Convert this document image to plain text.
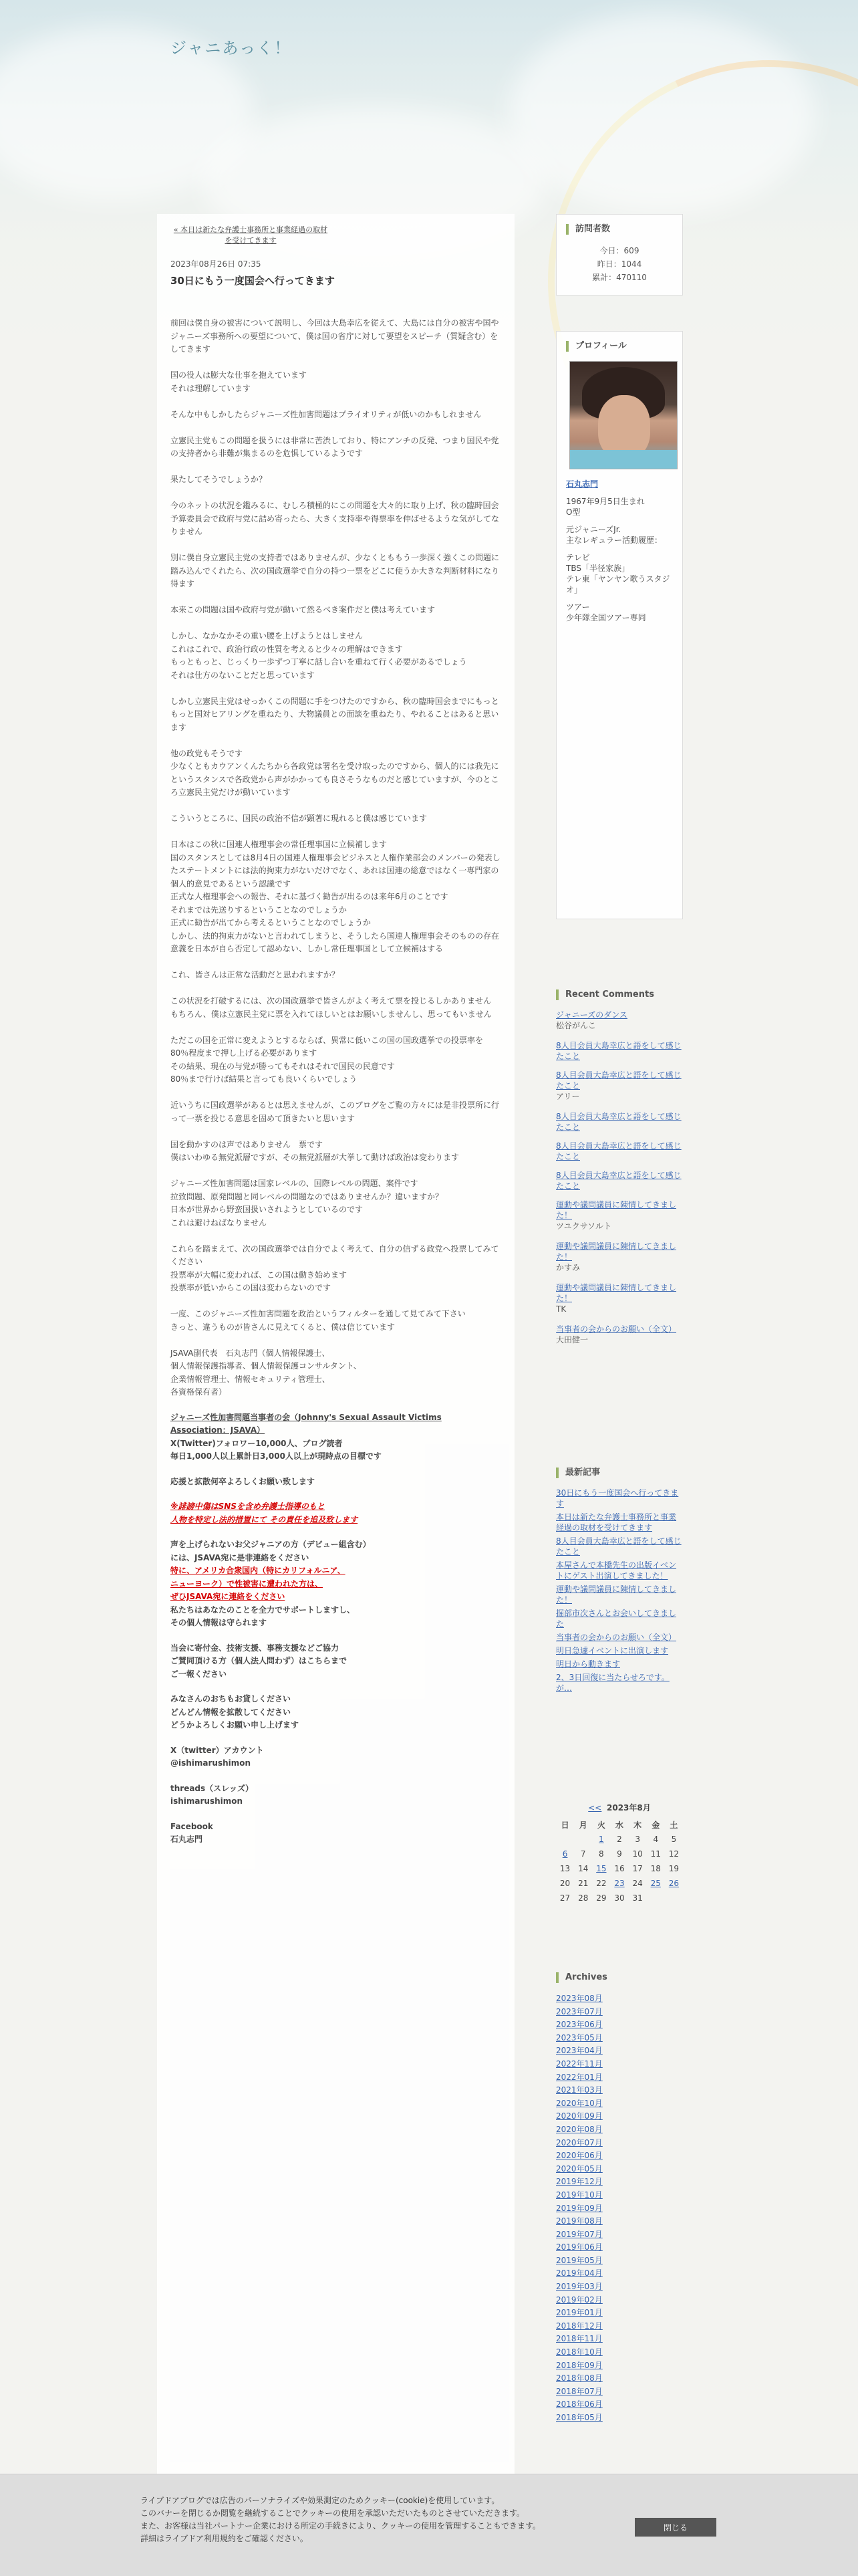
ジャニあっく！
« 本日は新たな弁護士事務所と事業経過の取材を受けてきます
2023年08月26日 07:35
30日にもう一度国会へ行ってきます

前回は僕自身の被害について説明し、今回は大島幸広を従えて、大島には自分の被害や国やジャニーズ事務所への要望について、僕は国の省庁に対して要望をスピーチ（質疑含む）をしてきます

国の役人は膨大な仕事を抱えています
それは理解しています

そんな中もしかしたらジャニーズ性加害問題はプライオリティが低いのかもしれません

立憲民主党もこの問題を扱うには非常に苦渋しており、特にアンチの反発、つまり国民や党の支持者から非難が集まるのを危惧しているようです

果たしてそうでしょうか？

今のネットの状況を鑑みるに、むしろ積極的にこの問題を大々的に取り上げ、秋の臨時国会予算委員会で政府与党に詰め寄ったら、大きく支持率や得票率を伸ばせるような気がしてなりません

別に僕自身立憲民主党の支持者ではありませんが、少なくとももう一歩深く強くこの問題に踏み込んでくれたら、次の国政選挙で自分の持つ一票をどこに使うか大きな判断材料になり得ます

本来この問題は国や政府与党が動いて然るべき案件だと僕は考えています

しかし、なかなかその重い腰を上げようとはしません
これはこれで、政治行政の性質を考えると少々の理解はできます
もっともっと、じっくり一歩ずつ丁寧に話し合いを重ねて行く必要があるでしょう
それは仕方のないことだと思っています

しかし立憲民主党はせっかくこの問題に手をつけたのですから、秋の臨時国会までにもっともっと国対ヒアリングを重ねたり、大物議員との面談を重ねたり、やれることはあると思います

他の政党もそうです
少なくともカウアンくんたちから各政党は署名を受け取ったのですから、個人的には我先にというスタンスで各政党から声がかかっても良さそうなものだと感じていますが、今のところ立憲民主党だけが動いています

こういうところに、国民の政治不信が顕著に現れると僕は感じています

日本はこの秋に国連人権理事会の常任理事国に立候補します
国のスタンスとしては8月4日の国連人権理事会ビジネスと人権作業部会のメンバーの発表したステートメントには法的拘束力がないだけでなく、あれは国連の総意ではなく一専門家の個人的意見であるという認識です
正式な人権理事会への報告、それに基づく勧告が出るのは来年6月のことです
それまでは先送りするということなのでしょうか
正式に勧告が出てから考えるということなのでしょうか
しかし、法的拘束力がないと言われてしまうと、そうしたら国連人権理事会そのものの存在意義を日本が自ら否定して認めない、しかし常任理事国として立候補はする

これ、皆さんは正常な活動だと思われますか？

この状況を打破するには、次の国政選挙で皆さんがよく考えて票を投じるしかありません
もちろん、僕は立憲民主党に票を入れてほしいとはお願いしませんし、思ってもいません

ただこの国を正常に変えようとするならば、異常に低いこの国の国政選挙での投票率を80％程度まで押し上げる必要があります
その結果、現在の与党が勝ってもそれはそれで国民の民意です
80％まで行けば結果と言っても良いくらいでしょう

近いうちに国政選挙があるとは思えませんが、このブログをご覧の方々には是非投票所に行って一票を投じる意思を固めて頂きたいと思います

国を動かすのは声ではありません　票です
僕はいわゆる無党派層ですが、その無党派層が大挙して動けば政治は変わります

ジャニーズ性加害問題は国家レベルの、国際レベルの問題、案件です
拉致問題、原発問題と同レベルの問題なのではありませんか？違いますか？
日本が世界から野蛮国扱いされようとしているのです
これは避けねばなりません

これらを踏まえて、次の国政選挙では自分でよく考えて、自分の信ずる政党へ投票してみてください
投票率が大幅に変われば、この国は動き始めます
投票率が低いからこの国は変わらないのです

一度、このジャニーズ性加害問題を政治というフィルターを通して見てみて下さい
きっと、違うものが皆さんに見えてくると、僕は信じています

JSAVA副代表　石丸志門（個人情報保護士、
個人情報保護指導者、個人情報保護コンサルタント、
企業情報管理士、情報セキュリティ管理士、
各資格保有者）

ジャニーズ性加害問題当事者の会（Johnny's Sexual Assault Victims Association：JSAVA）
X(Twitter)フォロワー10,000人、ブログ読者
毎日1,000人以上累計日3,000人以上が現時点の目標です

応援と拡散何卒よろしくお願い致します

※誹謗中傷はSNSを含め弁護士指導のもと
人物を特定し法的措置にて その責任を追及致します

声を上げられないお父ジャニアの方（デビュー組含む）
には、JSAVA宛に是非連絡をください
特に、アメリカ合衆国内（特にカリフォルニア、
ニューヨーク）で性被害に遭われた方は、
ぜひJSAVA宛に連絡をください
私たちはあなたのことを全力でサポートしますし、
その個人情報は守られます

当会に寄付金、技術支援、事務支援などご協力
ご賛同頂ける方（個人法人問わず）はこちらまで
ご一報ください

みなさんのおちもお貸しください
どんどん情報を拡散してください
どうかよろしくお願い申し上げます

X（twitter）アカウント
@ishimarushimon

threads（スレッズ）
ishimarushimon

Facebook
石丸志門

訪問者数
今日：609
昨日：1044
累計：470110
プロフィール

石丸志門

1967年9月5日生まれ
O型

元ジャニーズJr.
主なレギュラー活動履歴：

テレビ
TBS「半径家族」
テレ東「ヤンヤン歌うスタジオ」

ツアー
少年隊全国ツアー専同

Recent Comments
ジャニーズのダンス
松谷がんこ
8人目会員大島幸広と語をして感じたこと
8人目会員大島幸広と語をして感じたこと
アリー
8人目会員大島幸広と語をして感じたこと
8人目会員大島幸広と語をして感じたこと
8人目会員大島幸広と語をして感じたこと
運動や議問議員に陳情してきました！
ツユクサソルト
運動や議問議員に陳情してきました！
かすみ
運動や議問議員に陳情してきました！
TK
当事者の会からのお願い（全文）
大田健一
最新記事
30日にもう一度国会へ行ってきます
本日は新たな弁護士事務所と事業経過の取材を受けてきます
8人目会員大島幸広と語をして感じたこと
本屋さんで本橋先生の出版イベントにゲスト出演してきました！
運動や議問議員に陳情してきました！
掘部市次さんとお会いしてきました
当事者の会からのお願い（全文）
明日急遽イベントに出演します
明日から動きます
2、3日回復に当たらせろです。が…
<< 2023年8月
日	月	火	水	木	金	土
		1	2	3	4	5
6	7	8	9	10	11	12
13	14	15	16	17	18	19
20	21	22	23	24	25	26
27	28	29	30	31		
Archives
2023年08月
2023年07月
2023年06月
2023年05月
2023年04月
2022年11月
2022年01月
2021年03月
2020年10月
2020年09月
2020年08月
2020年07月
2020年06月
2020年05月
2019年12月
2019年10月
2019年09月
2019年08月
2019年07月
2019年06月
2019年05月
2019年04月
2019年03月
2019年02月
2019年01月
2018年12月
2018年11月
2018年10月
2018年09月
2018年08月
2018年07月
2018年06月
2018年05月
ライブドアブログでは広告のパーソナライズや効果測定のためクッキー(cookie)を使用しています。
このバナーを閉じるか閲覧を継続することでクッキーの使用を承認いただいたものとさせていただきます。
また、お客様は当社パートナー企業における所定の手続きにより、クッキーの使用を管理することもできます。
詳細はライブドア利用規約をご確認ください。
閉じる
